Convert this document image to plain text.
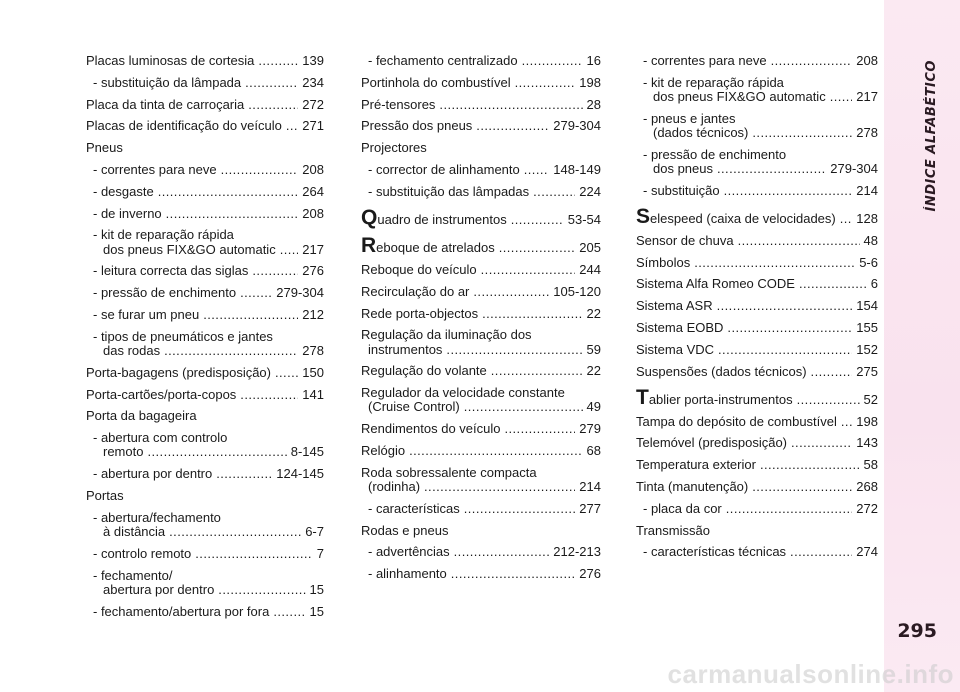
Placas luminosas de cortesia . . .	139
- substituição da lâmpada . . .	234
Placa da tinta de carroçaria . . .	272
Placas de identificação do veículo . . . 271
Pneus
- correntes para neve . . .	208
- desgaste . . .	264
- de inverno . . .	208
- kit de reparação rápida
dos pneus FIX&GO automatic . . . 217
- leitura correcta das siglas . . .	276
- pressão de enchimento . . .	279-304
- se furar um pneu . . .	212
- tipos de pneumáticos e jantes
das rodas . . .	278
Porta-bagagens (predisposição) . . . 150
Porta-cartões/porta-copos . . .	141
Porta da bagageira
- abertura com controlo
remoto . . .	8-145
- abertura por dentro . . .	124-145
Portas
- abertura/fechamento
à distância . . .	6-7
- controlo remoto . . .	7
- fechamento/
abertura por dentro . . .	15
- fechamento/abertura por fora . . .	15
- fechamento centralizado . . .	16
Portinhola do combustível . . .	198
Pré-tensores . . .	28
Pressão dos pneus . . .	279-304
Projectores
- corrector de alinhamento . . .	148-149
- substituição das lâmpadas . . .	224
Q uadro de instrumentos . . .	53-54
R eboque de atrelados . . .	205
Reboque do veículo . . .	244
Recirculação do ar . . .	105-120
Rede porta-objectos . . .	22
Regulação da iluminação dos
instrumentos . . .	59
Regulação do volante . . .	22
Regulador da velocidade constante
(Cruise Control) . . .	49
Rendimentos do veículo . . .	279
Relógio . . .	68
Roda sobressalente compacta
(rodinha) . . .	214
- características . . .	277
Rodas e pneus
- advertências . . .	212-213
- alinhamento . . .	276
- correntes para neve . . .	208
- kit de reparação rápida
dos pneus FIX&GO automatic . . . 217
- pneus e jantes
(dados técnicos) . . .	278
- pressão de enchimento
dos pneus . . .	279-304
- substituição . . .	214
S elespeed (caixa de velocidades) . . . 128
Sensor de chuva . . .	48
Símbolos . . .	5-6
Sistema Alfa Romeo CODE . . .	6
Sistema ASR . . .	154
Sistema EOBD . . .	155
Sistema VDC . . .	152
Suspensões (dados técnicos) . . .	275
T ablier porta-instrumentos . . .	52
Tampa do depósito de combustível . . . 198
Telemóvel (predisposição) . . .	143
Temperatura exterior . . .	58
Tinta (manutenção) . . .	268
- placa da cor . . .	272
Transmissão
- características técnicas . . .	274
ÍNDICE ALFABÉTICO
295
carmanualsonline.info
